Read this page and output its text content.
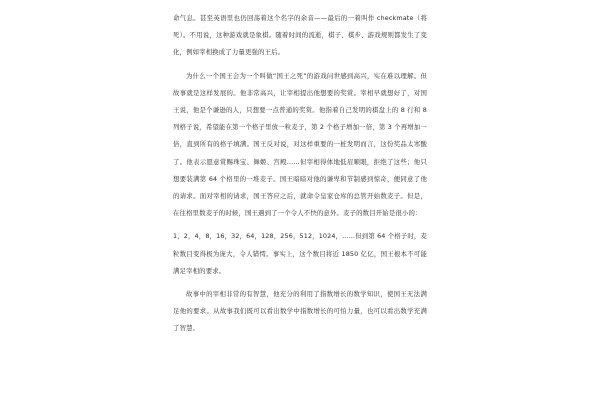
命气息。甚至英语里也仍回荡着这个名字的余音——最后的一着叫作 checkmate（将死）。不用说，这种游戏就是象棋。随着时间的流逝，棋子、棋步、游戏规则都发生了变化，例如宰相换成了力量更强的王后。

为什么一个国王会为一个叫做“国王之死”的游戏问世感到高兴，实在难以理解。但故事就是这样发展的。他非常高兴，让宰相提出他想要的奖赏。宰相早就想好了，对国王说，他是个谦逊的人，只想要一点普通的奖赏。他指着自己发明的棋盘上的 8 行和 8 列格子说，希望能在第一个格子里放一粒麦子，第 2 个格子增加一倍，第 3 个再增加一倍，直到所有的格子填满。国王反对说，对这样重要的一桩发明而言，这份奖品太寒酸了。他表示愿意赏赐珠宝、舞姬、宫殿……但宰相得体地低眉顺眼，拒绝了这些；他只想要装满第 64 个格里的一堆麦子。国王暗暗对他的谦卑和节制感到惊奇，便同意了他的请求。面对宰相的请求，国王答应之后，就命令皇家仓库的总管开始数麦子。但是，在往格里数麦子的时候，国王遇到了一个令人不快的意外。麦子的数目开始是很小的：

1，2，4，8，16，32，64，128，256，512，1024，……但到第 64 个格子时，麦粒数目变得极为庞大，令人错愕。事实上，这个数目将近 1850 亿亿，国王根本不可能满足宰相的要求。

故事中的宰相非常的有智慧，他充分的利用了指数增长的数学知识，使国王无法满足他的要求。从故事我们既可以看出数学中指数增长的可怕力量，也可以看出数学充满了智慧。
